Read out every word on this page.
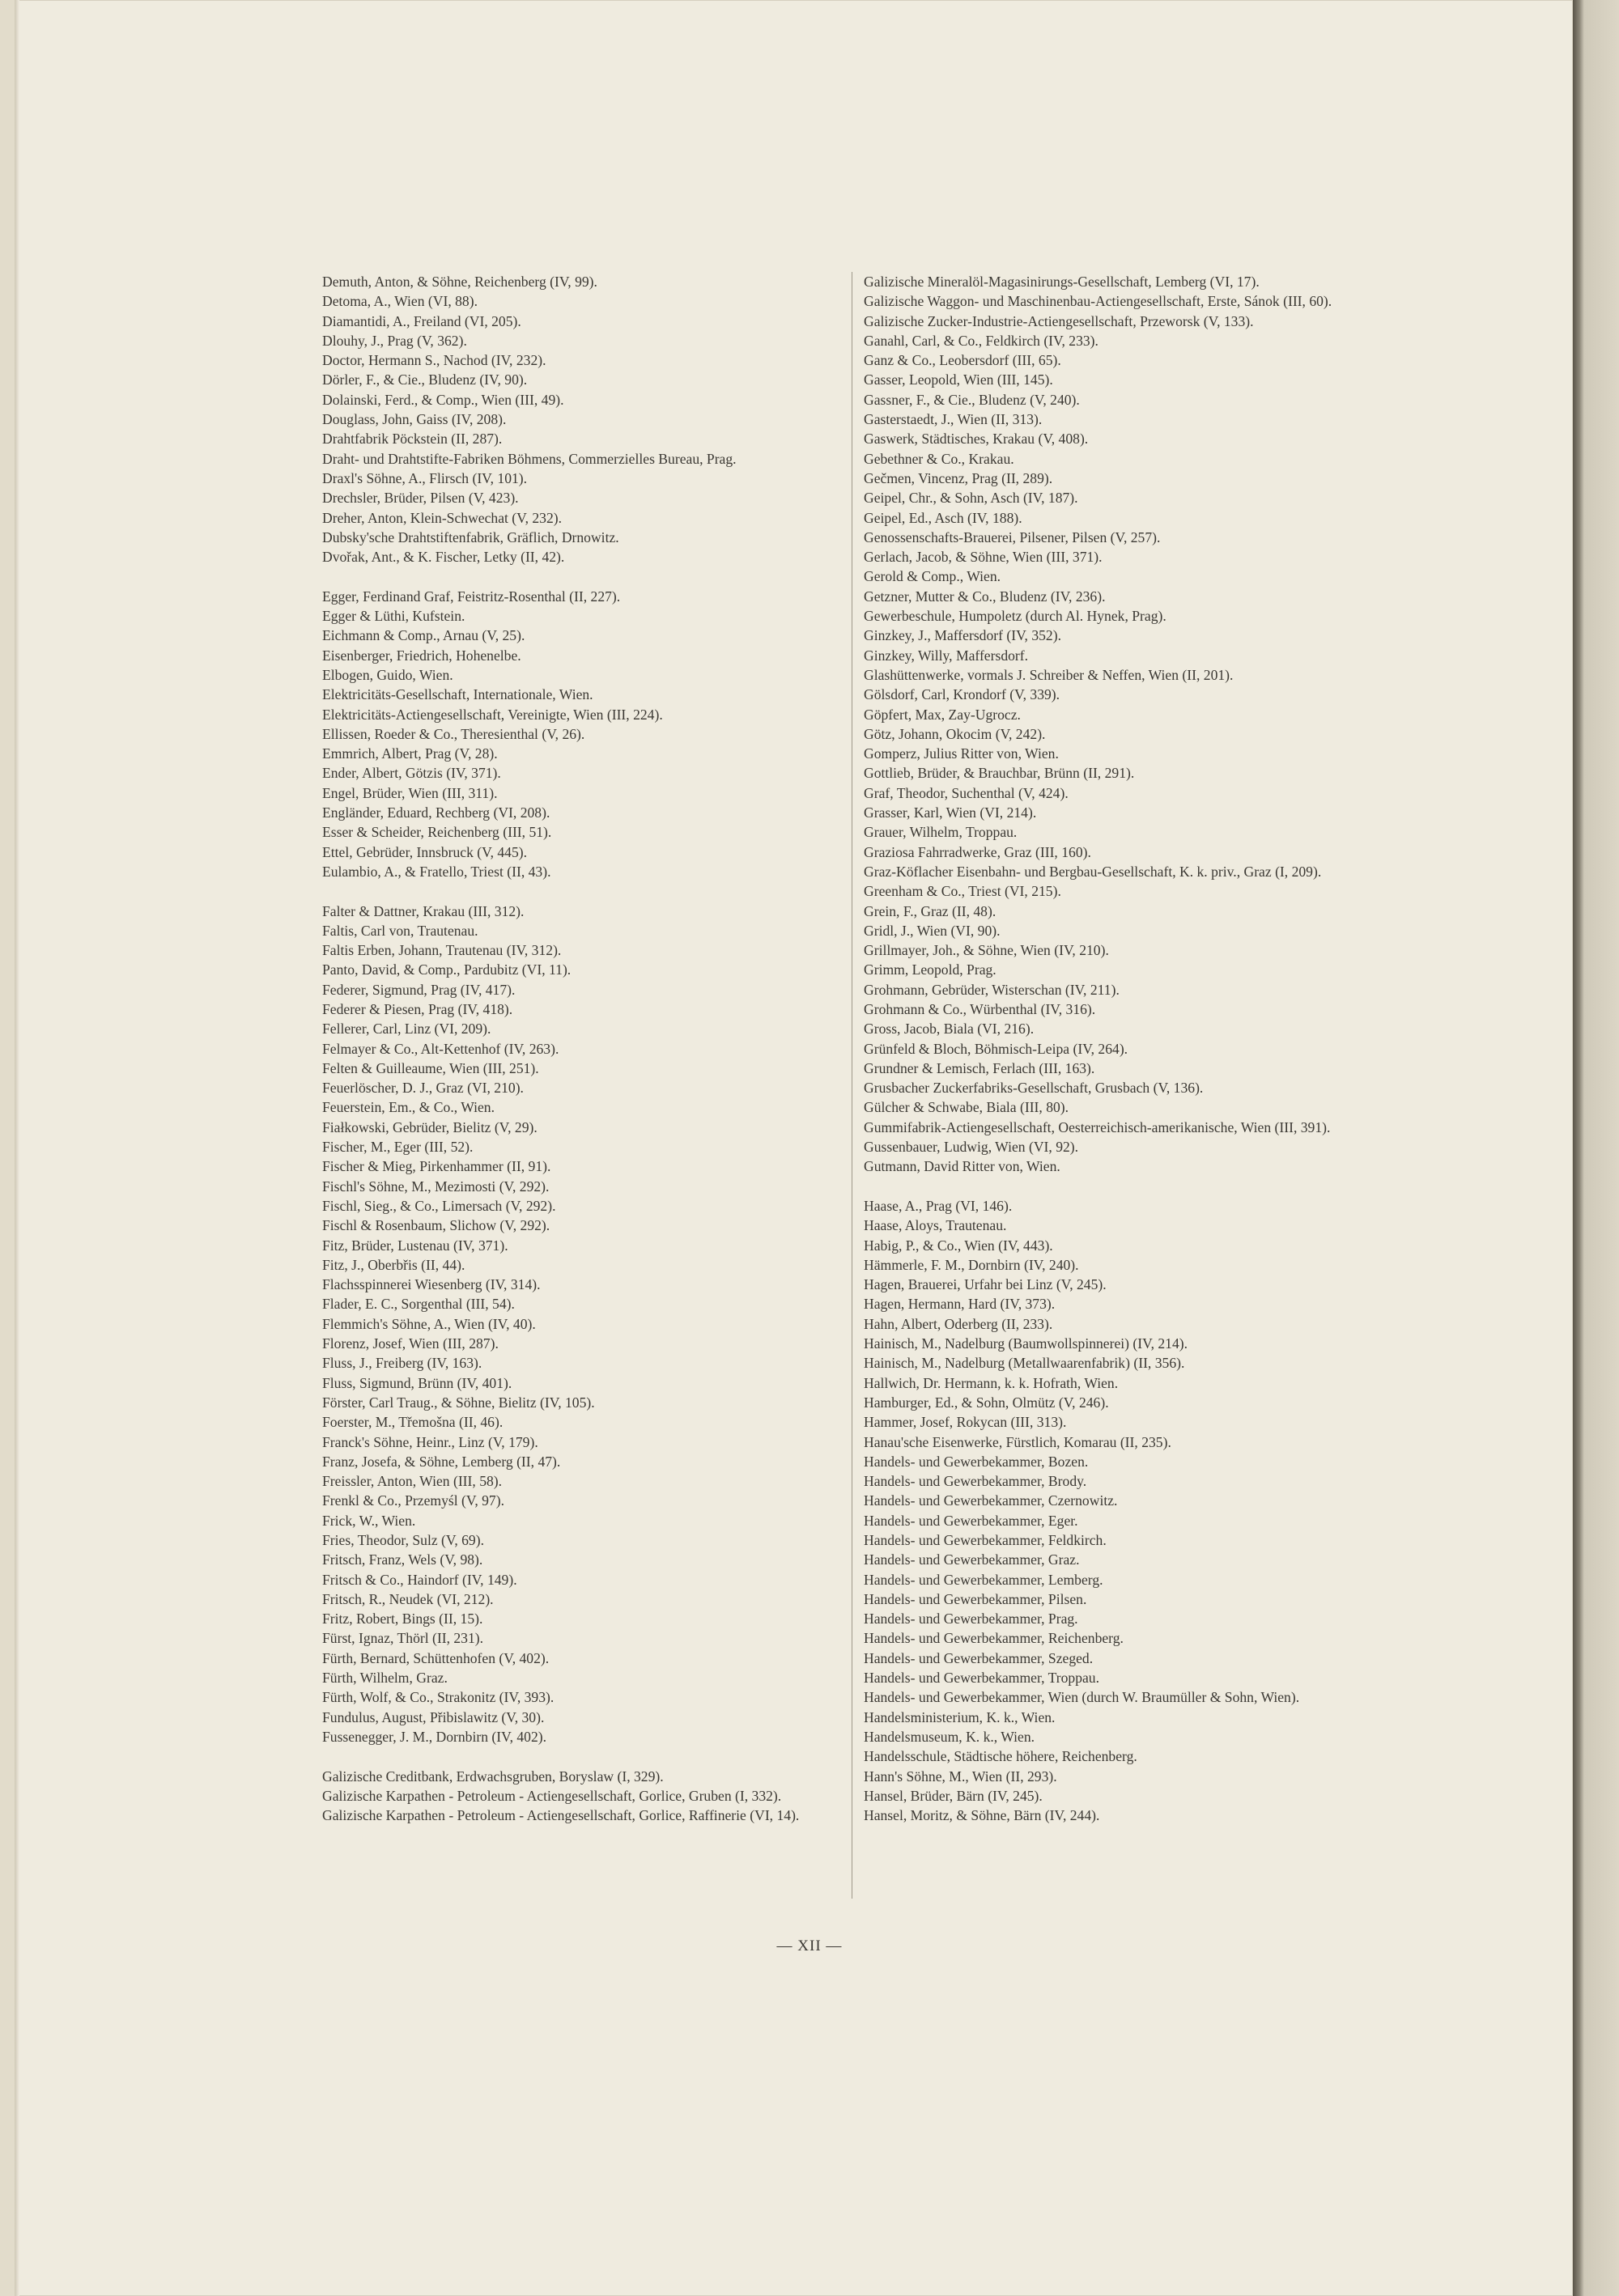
Demuth, Anton, & Söhne, Reichenberg (IV, 99).
Detoma, A., Wien (VI, 88).
Diamantidi, A., Freiland (VI, 205).
Dlouhy, J., Prag (V, 362).
Doctor, Hermann S., Nachod (IV, 232).
Dörler, F., & Cie., Bludenz (IV, 90).
Dolainski, Ferd., & Comp., Wien (III, 49).
Douglass, John, Gaiss (IV, 208).
Drahtfabrik Pöckstein (II, 287).
Draht- und Drahtstifte-Fabriken Böhmens, Commerzielles Bureau, Prag.
Draxl's Söhne, A., Flirsch (IV, 101).
Drechsler, Brüder, Pilsen (V, 423).
Dreher, Anton, Klein-Schwechat (V, 232).
Dubsky'sche Drahtstiftenfabrik, Gräflich, Drnowitz.
Dvořak, Ant., & K. Fischer, Letky (II, 42).
Egger, Ferdinand Graf, Feistritz-Rosenthal (II, 227).
Egger & Lüthi, Kufstein.
Eichmann & Comp., Arnau (V, 25).
Eisenberger, Friedrich, Hohenelbe.
Elbogen, Guido, Wien.
Elektricitäts-Gesellschaft, Internationale, Wien.
Elektricitäts-Actiengesellschaft, Vereinigte, Wien (III, 224).
Ellissen, Roeder & Co., Theresienthal (V, 26).
Emmrich, Albert, Prag (V, 28).
Ender, Albert, Götzis (IV, 371).
Engel, Brüder, Wien (III, 311).
Engländer, Eduard, Rechberg (VI, 208).
Esser & Scheider, Reichenberg (III, 51).
Ettel, Gebrüder, Innsbruck (V, 445).
Eulambio, A., & Fratello, Triest (II, 43).
Falter & Dattner, Krakau (III, 312).
Faltis, Carl von, Trautenau.
Faltis Erben, Johann, Trautenau (IV, 312).
Panto, David, & Comp., Pardubitz (VI, 11).
Federer, Sigmund, Prag (IV, 417).
Federer & Piesen, Prag (IV, 418).
Fellerer, Carl, Linz (VI, 209).
Felmayer & Co., Alt-Kettenhof (IV, 263).
Felten & Guilleaume, Wien (III, 251).
Feuerlöscher, D. J., Graz (VI, 210).
Feuerstein, Em., & Co., Wien.
Fiałkowski, Gebrüder, Bielitz (V, 29).
Fischer, M., Eger (III, 52).
Fischer & Mieg, Pirkenhammer (II, 91).
Fischl's Söhne, M., Mezimosti (V, 292).
Fischl, Sieg., & Co., Limersach (V, 292).
Fischl & Rosenbaum, Slichow (V, 292).
Fitz, Brüder, Lustenau (IV, 371).
Fitz, J., Oberbřis (II, 44).
Flachsspinnerei Wiesenberg (IV, 314).
Flader, E. C., Sorgenthal (III, 54).
Flemmich's Söhne, A., Wien (IV, 40).
Florenz, Josef, Wien (III, 287).
Fluss, J., Freiberg (IV, 163).
Fluss, Sigmund, Brünn (IV, 401).
Förster, Carl Traug., & Söhne, Bielitz (IV, 105).
Foerster, M., Třemošna (II, 46).
Franck's Söhne, Heinr., Linz (V, 179).
Franz, Josefa, & Söhne, Lemberg (II, 47).
Freissler, Anton, Wien (III, 58).
Frenkl & Co., Przemyśl (V, 97).
Frick, W., Wien.
Fries, Theodor, Sulz (V, 69).
Fritsch, Franz, Wels (V, 98).
Fritsch & Co., Haindorf (IV, 149).
Fritsch, R., Neudek (VI, 212).
Fritz, Robert, Bings (II, 15).
Fürst, Ignaz, Thörl (II, 231).
Fürth, Bernard, Schüttenhofen (V, 402).
Fürth, Wilhelm, Graz.
Fürth, Wolf, & Co., Strakonitz (IV, 393).
Fundulus, August, Přibislawitz (V, 30).
Fussenegger, J. M., Dornbirn (IV, 402).
Galizische Creditbank, Erdwachsgruben, Boryslaw (I, 329).
Galizische Karpathen - Petroleum - Actiengesellschaft, Gorlice, Gruben (I, 332).
Galizische Karpathen - Petroleum - Actiengesellschaft, Gorlice, Raffinerie (VI, 14).
Galizische Mineralöl-Magasinirungs-Gesellschaft, Lemberg (VI, 17).
Galizische Waggon- und Maschinenbau-Actiengesellschaft, Erste, Sánok (III, 60).
Galizische Zucker-Industrie-Actiengesellschaft, Przeworsk (V, 133).
Ganahl, Carl, & Co., Feldkirch (IV, 233).
Ganz & Co., Leobersdorf (III, 65).
Gasser, Leopold, Wien (III, 145).
Gassner, F., & Cie., Bludenz (V, 240).
Gasterstaedt, J., Wien (II, 313).
Gaswerk, Städtisches, Krakau (V, 408).
Gebethner & Co., Krakau.
Gečmen, Vincenz, Prag (II, 289).
Geipel, Chr., & Sohn, Asch (IV, 187).
Geipel, Ed., Asch (IV, 188).
Genossenschafts-Brauerei, Pilsener, Pilsen (V, 257).
Gerlach, Jacob, & Söhne, Wien (III, 371).
Gerold & Comp., Wien.
Getzner, Mutter & Co., Bludenz (IV, 236).
Gewerbeschule, Humpoletz (durch Al. Hynek, Prag).
Ginzkey, J., Maffersdorf (IV, 352).
Ginzkey, Willy, Maffersdorf.
Glashüttenwerke, vormals J. Schreiber & Neffen, Wien (II, 201).
Gölsdorf, Carl, Krondorf (V, 339).
Göpfert, Max, Zay-Ugrocz.
Götz, Johann, Okocim (V, 242).
Gomperz, Julius Ritter von, Wien.
Gottlieb, Brüder, & Brauchbar, Brünn (II, 291).
Graf, Theodor, Suchenthal (V, 424).
Grasser, Karl, Wien (VI, 214).
Grauer, Wilhelm, Troppau.
Graziosa Fahrradwerke, Graz (III, 160).
Graz-Köflacher Eisenbahn- und Bergbau-Gesellschaft, K. k. priv., Graz (I, 209).
Greenham & Co., Triest (VI, 215).
Grein, F., Graz (II, 48).
Gridl, J., Wien (VI, 90).
Grillmayer, Joh., & Söhne, Wien (IV, 210).
Grimm, Leopold, Prag.
Grohmann, Gebrüder, Wisterschan (IV, 211).
Grohmann & Co., Würbenthal (IV, 316).
Gross, Jacob, Biala (VI, 216).
Grünfeld & Bloch, Böhmisch-Leipa (IV, 264).
Grundner & Lemisch, Ferlach (III, 163).
Grusbacher Zuckerfabriks-Gesellschaft, Grusbach (V, 136).
Gülcher & Schwabe, Biala (III, 80).
Gummifabrik-Actiengesellschaft, Oesterreichisch-amerikanische, Wien (III, 391).
Gussenbauer, Ludwig, Wien (VI, 92).
Gutmann, David Ritter von, Wien.
Haase, A., Prag (VI, 146).
Haase, Aloys, Trautenau.
Habig, P., & Co., Wien (IV, 443).
Hämmerle, F. M., Dornbirn (IV, 240).
Hagen, Brauerei, Urfahr bei Linz (V, 245).
Hagen, Hermann, Hard (IV, 373).
Hahn, Albert, Oderberg (II, 233).
Hainisch, M., Nadelburg (Baumwollspinnerei) (IV, 214).
Hainisch, M., Nadelburg (Metallwaarenfabrik) (II, 356).
Hallwich, Dr. Hermann, k. k. Hofrath, Wien.
Hamburger, Ed., & Sohn, Olmütz (V, 246).
Hammer, Josef, Rokycan (III, 313).
Hanau'sche Eisenwerke, Fürstlich, Komarau (II, 235).
Handels- und Gewerbekammer, Bozen.
Handels- und Gewerbekammer, Brody.
Handels- und Gewerbekammer, Czernowitz.
Handels- und Gewerbekammer, Eger.
Handels- und Gewerbekammer, Feldkirch.
Handels- und Gewerbekammer, Graz.
Handels- und Gewerbekammer, Lemberg.
Handels- und Gewerbekammer, Pilsen.
Handels- und Gewerbekammer, Prag.
Handels- und Gewerbekammer, Reichenberg.
Handels- und Gewerbekammer, Szeged.
Handels- und Gewerbekammer, Troppau.
Handels- und Gewerbekammer, Wien (durch W. Braumüller & Sohn, Wien).
Handelsministerium, K. k., Wien.
Handelsmuseum, K. k., Wien.
Handelsschule, Städtische höhere, Reichenberg.
Hann's Söhne, M., Wien (II, 293).
Hansel, Brüder, Bärn (IV, 245).
Hansel, Moritz, & Söhne, Bärn (IV, 244).
— XII —
